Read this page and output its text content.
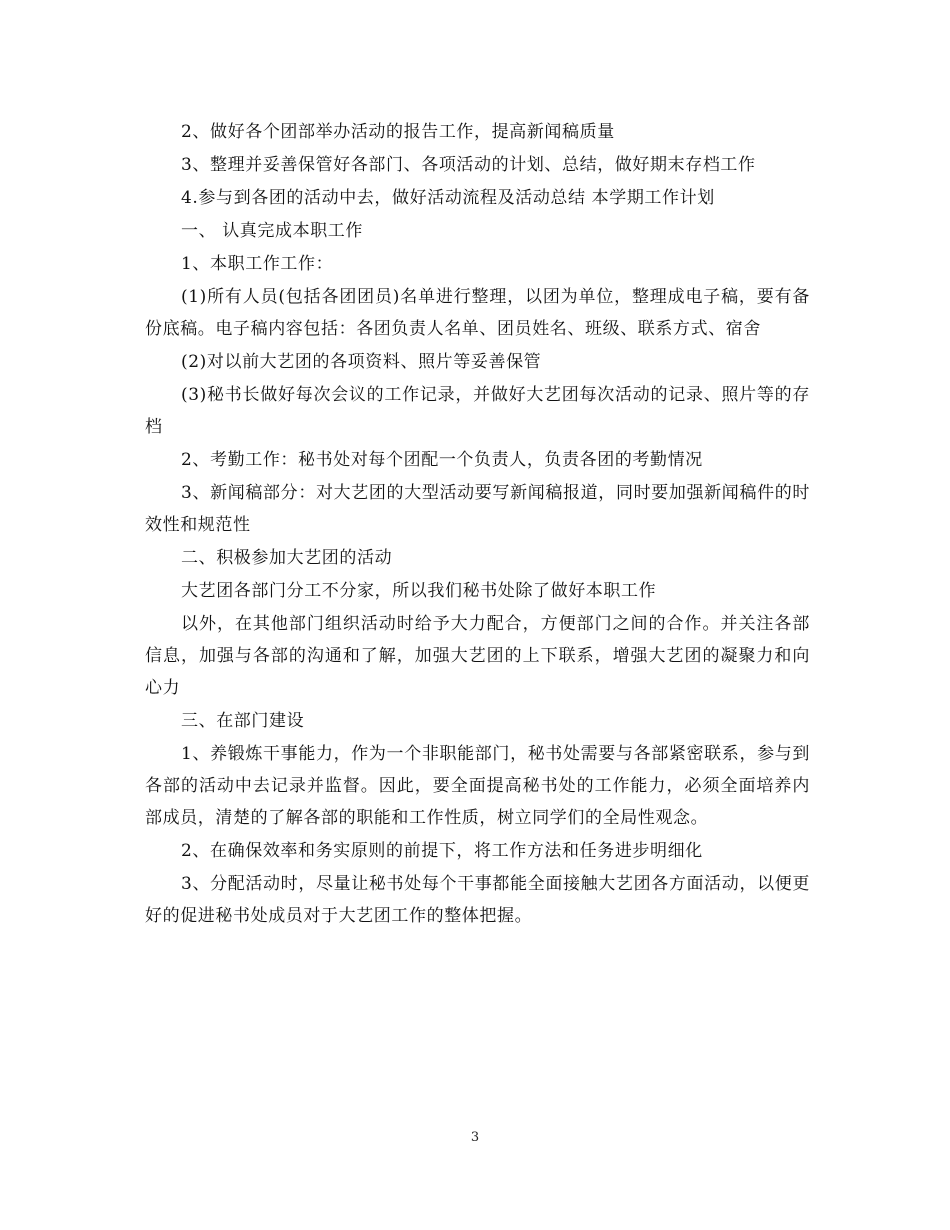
2、做好各个团部举办活动的报告工作，提高新闻稿质量

3、整理并妥善保管好各部门、各项活动的计划、总结，做好期末存档工作

4.参与到各团的活动中去，做好活动流程及活动总结 本学期工作计划

一、 认真完成本职工作

1、本职工作工作：

(1)所有人员(包括各团团员)名单进行整理，以团为单位，整理成电子稿，要有备份底稿。电子稿内容包括：各团负责人名单、团员姓名、班级、联系方式、宿舍

(2)对以前大艺团的各项资料、照片等妥善保管

(3)秘书长做好每次会议的工作记录，并做好大艺团每次活动的记录、照片等的存档

2、考勤工作：秘书处对每个团配一个负责人，负责各团的考勤情况

3、新闻稿部分：对大艺团的大型活动要写新闻稿报道，同时要加强新闻稿件的时效性和规范性

二、积极参加大艺团的活动

大艺团各部门分工不分家，所以我们秘书处除了做好本职工作

以外，在其他部门组织活动时给予大力配合，方便部门之间的合作。并关注各部信息，加强与各部的沟通和了解，加强大艺团的上下联系，增强大艺团的凝聚力和向心力

三、在部门建设

1、养锻炼干事能力，作为一个非职能部门，秘书处需要与各部紧密联系，参与到各部的活动中去记录并监督。因此，要全面提高秘书处的工作能力，必须全面培养内部成员，清楚的了解各部的职能和工作性质，树立同学们的全局性观念。

2、在确保效率和务实原则的前提下，将工作方法和任务进步明细化

3、分配活动时，尽量让秘书处每个干事都能全面接触大艺团各方面活动，以便更好的促进秘书处成员对于大艺团工作的整体把握。

3
